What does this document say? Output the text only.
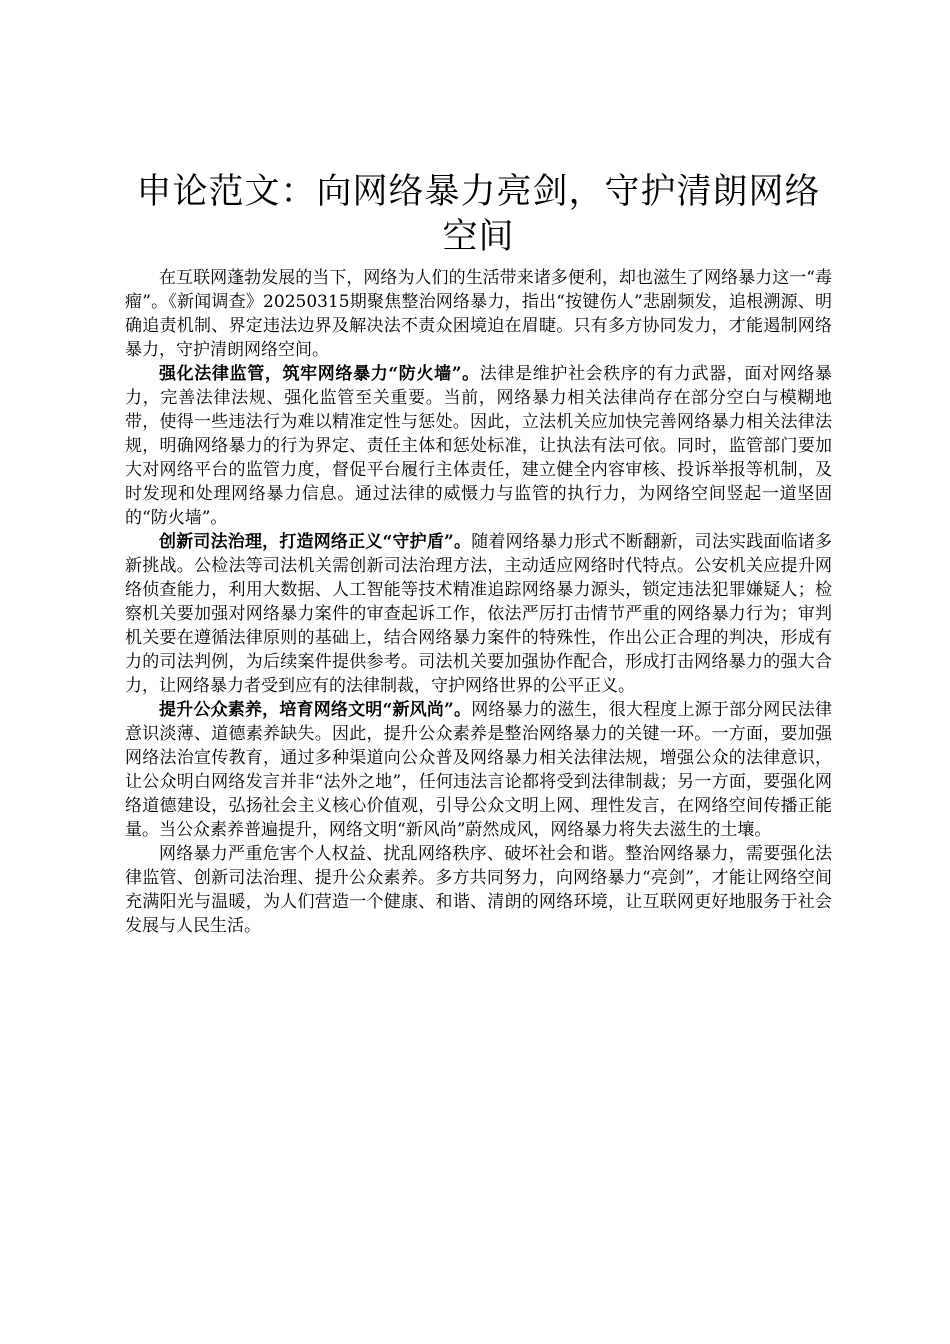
申论范文：向网络暴力亮剑，守护清朗网络空间

在互联网蓬勃发展的当下，网络为人们的生活带来诸多便利，却也滋生了网络暴力这一“毒瘤”。《新闻调查》20250315期聚焦整治网络暴力，指出“按键伤人”悲剧频发，追根溯源、明确追责机制、界定违法边界及解决法不责众困境迫在眉睫。只有多方协同发力，才能遏制网络暴力，守护清朗网络空间。

强化法律监管，筑牢网络暴力“防火墙”。法律是维护社会秩序的有力武器，面对网络暴力，完善法律法规、强化监管至关重要。当前，网络暴力相关法律尚存在部分空白与模糊地带，使得一些违法行为难以精准定性与惩处。因此，立法机关应加快完善网络暴力相关法律法规，明确网络暴力的行为界定、责任主体和惩处标准，让执法有法可依。同时，监管部门要加大对网络平台的监管力度，督促平台履行主体责任，建立健全内容审核、投诉举报等机制，及时发现和处理网络暴力信息。通过法律的威慑力与监管的执行力，为网络空间竖起一道坚固的“防火墙”。

创新司法治理，打造网络正义“守护盾”。随着网络暴力形式不断翻新，司法实践面临诸多新挑战。公检法等司法机关需创新司法治理方法，主动适应网络时代特点。公安机关应提升网络侦查能力，利用大数据、人工智能等技术精准追踪网络暴力源头，锁定违法犯罪嫌疑人；检察机关要加强对网络暴力案件的审查起诉工作，依法严厉打击情节严重的网络暴力行为；审判机关要在遵循法律原则的基础上，结合网络暴力案件的特殊性，作出公正合理的判决，形成有力的司法判例，为后续案件提供参考。司法机关要加强协作配合，形成打击网络暴力的强大合力，让网络暴力者受到应有的法律制裁，守护网络世界的公平正义。

提升公众素养，培育网络文明“新风尚”。网络暴力的滋生，很大程度上源于部分网民法律意识淡薄、道德素养缺失。因此，提升公众素养是整治网络暴力的关键一环。一方面，要加强网络法治宣传教育，通过多种渠道向公众普及网络暴力相关法律法规，增强公众的法律意识，让公众明白网络发言并非“法外之地”，任何违法言论都将受到法律制裁；另一方面，要强化网络道德建设，弘扬社会主义核心价值观，引导公众文明上网、理性发言，在网络空间传播正能量。当公众素养普遍提升，网络文明“新风尚”蔚然成风，网络暴力将失去滋生的土壤。

网络暴力严重危害个人权益、扰乱网络秩序、破坏社会和谐。整治网络暴力，需要强化法律监管、创新司法治理、提升公众素养。多方共同努力，向网络暴力“亮剑”，才能让网络空间充满阳光与温暖，为人们营造一个健康、和谐、清朗的网络环境，让互联网更好地服务于社会发展与人民生活。
